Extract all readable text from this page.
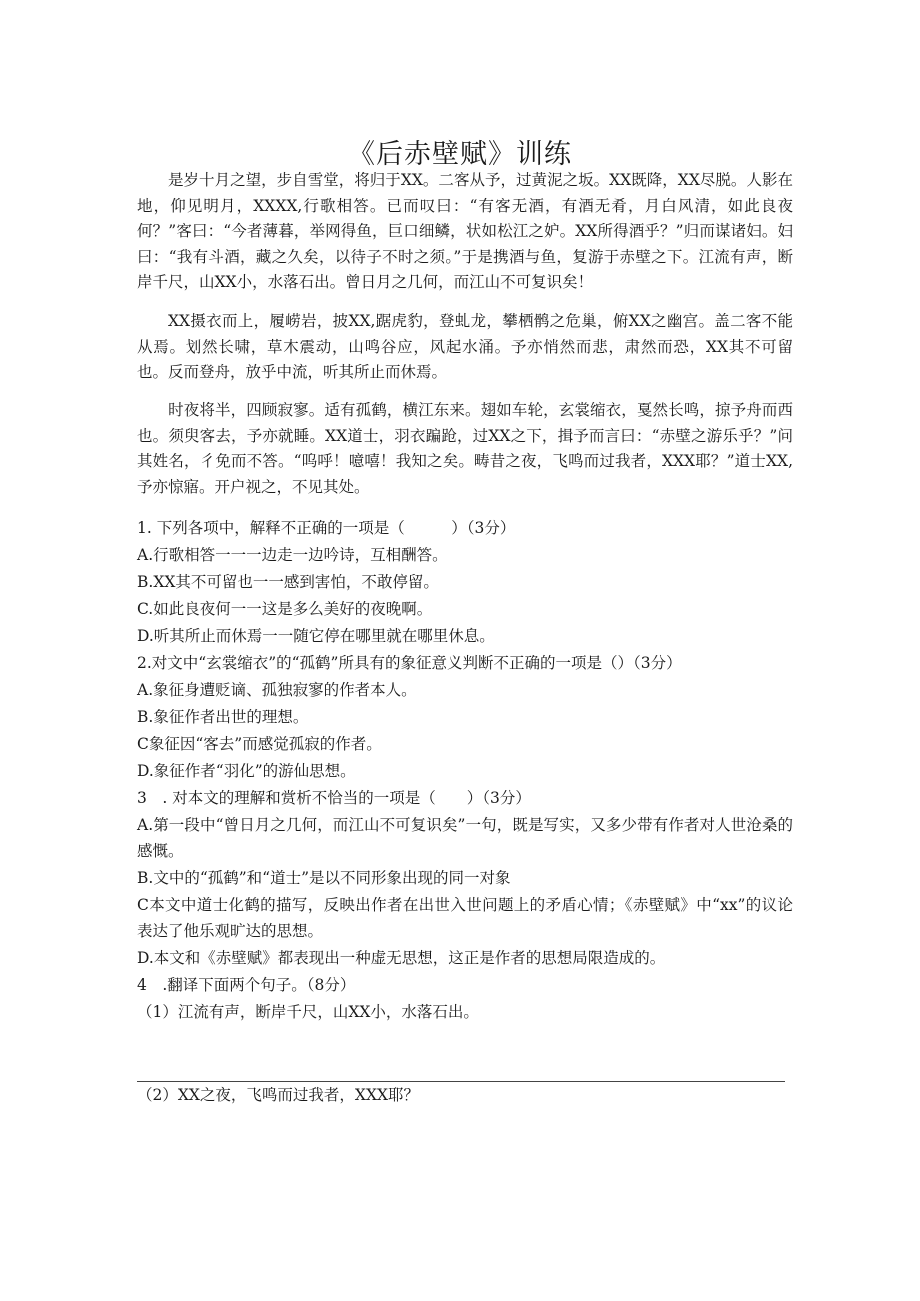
《后赤壁赋》训练

是岁十月之望，步自雪堂，将归于XX。二客从予，过黄泥之坂。XX既降，XX尽脱。人影在地，仰见明月，XXXX,行歌相答。已而叹曰：“有客无酒，有酒无肴，月白风清，如此良夜何？”客曰：“今者薄暮，举网得鱼，巨口细鳞，状如松江之妒。XX所得酒乎？”归而谋诸妇。妇曰：“我有斗酒，藏之久矣，以待子不时之须。”于是携酒与鱼，复游于赤壁之下。江流有声，断岸千尺，山XX小，水落石出。曾日月之几何，而江山不可复识矣！

XX摄衣而上，履崂岩，披XX,踞虎豹，登虬龙，攀栖鹘之危巢，俯XX之幽宫。盖二客不能从焉。划然长啸，草木震动，山鸣谷应，风起水涌。予亦悄然而悲，肃然而恐，XX其不可留也。反而登舟，放乎中流，听其所止而休焉。

时夜将半，四顾寂寥。适有孤鹤，横江东来。翅如车轮，玄裳缩衣，戛然长鸣，掠予舟而西也。须臾客去，予亦就睡。XX道士，羽衣蹁跄，过XX之下，揖予而言曰：“赤壁之游乐乎？”问其姓名，彳免而不答。“呜呼！噫嘻！我知之矣。畴昔之夜，飞鸣而过我者，XXX耶？”道士XX,予亦惊寤。开户视之，不见其处。

1. 下列各项中，解释不正确的一项是（　　　）（3分）

A.行歌相答一一一边走一边吟诗，互相酬答。

B.XX其不可留也一一感到害怕，不敢停留。

C.如此良夜何一一这是多么美好的夜晚啊。

D.听其所止而休焉一一随它停在哪里就在哪里休息。

2.对文中“玄裳缩衣”的“孤鹤”所具有的象征意义判断不正确的一项是（）（3分）

A.象征身遭贬谪、孤独寂寥的作者本人。

B.象征作者出世的理想。

C象征因“客去”而感觉孤寂的作者。

D.象征作者“羽化”的游仙思想。

3　. 对本文的理解和赏析不恰当的一项是（　　）（3分）

A.第一段中“曾日月之几何，而江山不可复识矣”一句，既是写实，又多少带有作者对人世沧桑的感慨。

B.文中的“孤鹤”和“道士”是以不同形象出现的同一对象

C本文中道士化鹤的描写，反映出作者在出世入世问题上的矛盾心情；《赤壁赋》中“xx”的议论表达了他乐观旷达的思想。

D.本文和《赤壁赋》都表现出一种虚无思想，这正是作者的思想局限造成的。

4　.翻译下面两个句子。（8分）

（1）江流有声，断岸千尺，山XX小，水落石出。

（2）XX之夜，飞鸣而过我者，XXX耶？
